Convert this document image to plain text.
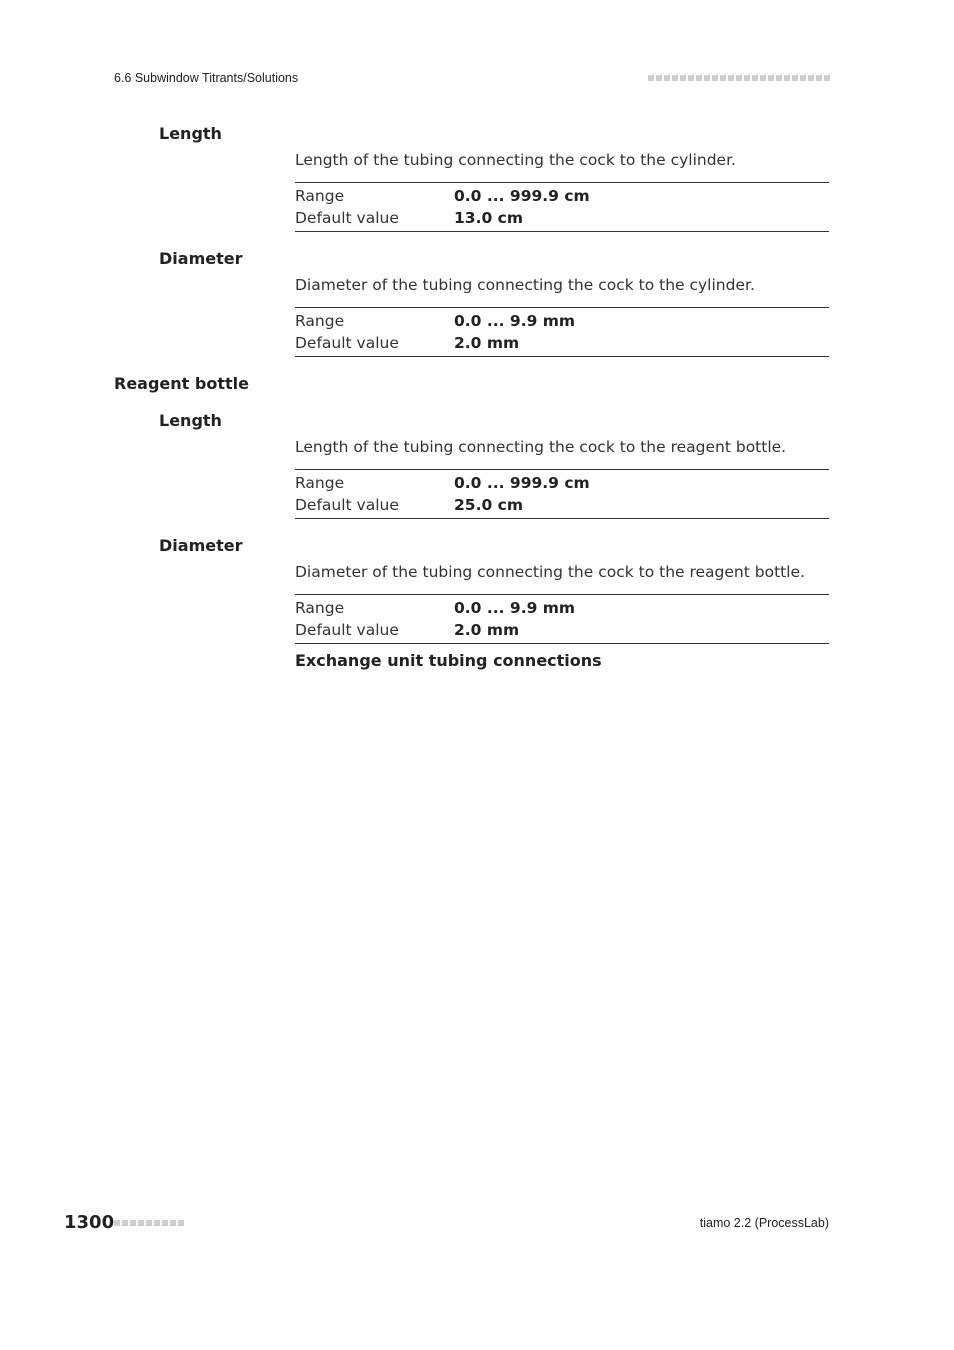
6.6 Subwindow Titrants/Solutions
Length
Length of the tubing connecting the cock to the cylinder.
Range	0.0 ... 999.9 cm
Default value	13.0 cm
Diameter
Diameter of the tubing connecting the cock to the cylinder.
Range	0.0 ... 9.9 mm
Default value	2.0 mm
Reagent bottle
Length
Length of the tubing connecting the cock to the reagent bottle.
Range	0.0 ... 999.9 cm
Default value	25.0 cm
Diameter
Diameter of the tubing connecting the cock to the reagent bottle.
Range	0.0 ... 9.9 mm
Default value	2.0 mm
Exchange unit tubing connections
1300	tiamo 2.2 (ProcessLab)
